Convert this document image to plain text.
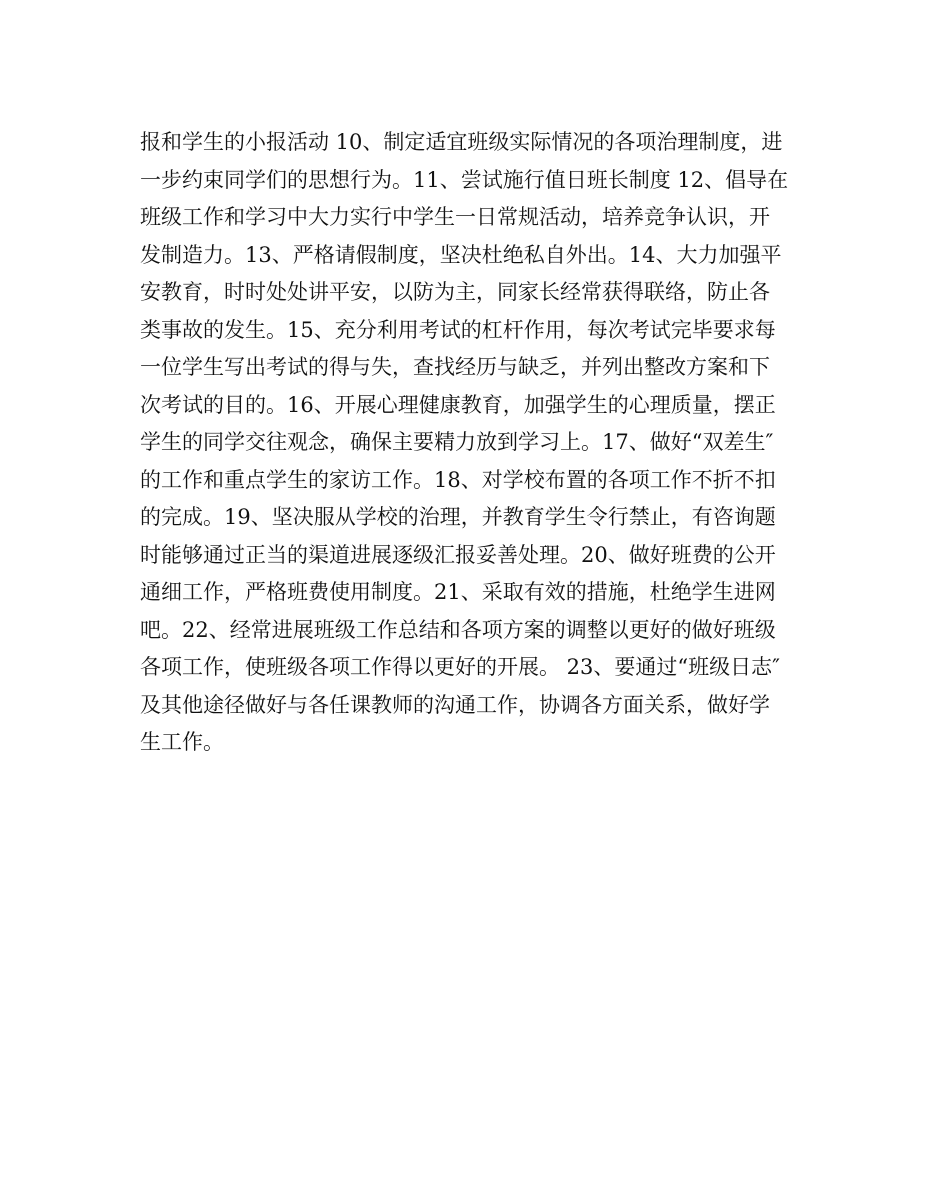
报和学生的小报活动 10、制定适宜班级实际情况的各项治理制度，进
一步约束同学们的思想行为。11、尝试施行值日班长制度 12、倡导在
班级工作和学习中大力实行中学生一日常规活动，培养竞争认识，开
发制造力。13、严格请假制度，坚决杜绝私自外出。14、大力加强平
安教育，时时处处讲平安，以防为主，同家长经常获得联络，防止各
类事故的发生。15、充分利用考试的杠杆作用，每次考试完毕要求每
一位学生写出考试的得与失，查找经历与缺乏，并列出整改方案和下
次考试的目的。16、开展心理健康教育，加强学生的心理质量，摆正
学生的同学交往观念，确保主要精力放到学习上。17、做好“双差生″
的工作和重点学生的家访工作。18、对学校布置的各项工作不折不扣
的完成。19、坚决服从学校的治理，并教育学生令行禁止，有咨询题
时能够通过正当的渠道进展逐级汇报妥善处理。20、做好班费的公开
通细工作，严格班费使用制度。21、采取有效的措施，杜绝学生进网
吧。22、经常进展班级工作总结和各项方案的调整以更好的做好班级
各项工作，使班级各项工作得以更好的开展。 23、要通过“班级日志″
及其他途径做好与各任课教师的沟通工作，协调各方面关系，做好学
生工作。
